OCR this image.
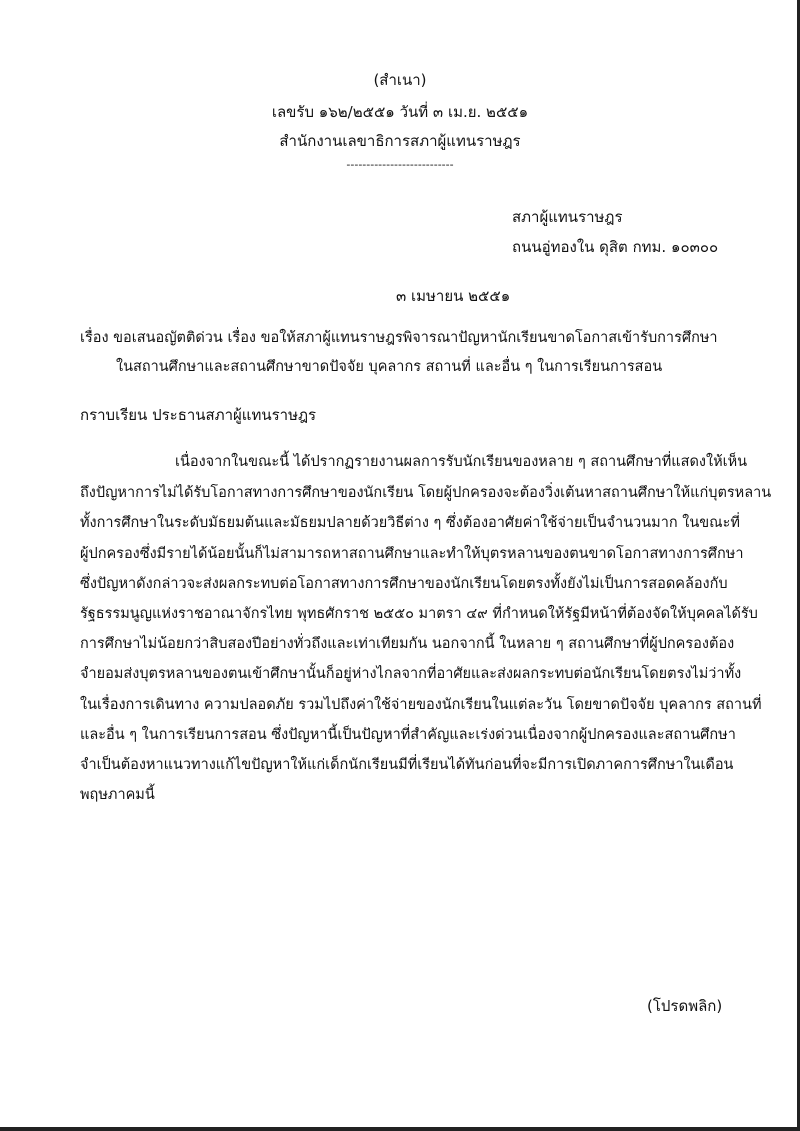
(สำเนา)
เลขรับ ๑๖๒/๒๕๕๑ วันที่ ๓ เม.ย. ๒๕๕๑
สำนักงานเลขาธิการสภาผู้แทนราษฎร
---------------------------
สภาผู้แทนราษฎร
ถนนอู่ทองใน ดุสิต กทม. ๑๐๓๐๐
๓ เมษายน ๒๕๕๑
เรื่อง ขอเสนอญัตติด่วน เรื่อง ขอให้สภาผู้แทนราษฎรพิจารณาปัญหานักเรียนขาดโอกาสเข้ารับการศึกษา
ในสถานศึกษาและสถานศึกษาขาดปัจจัย บุคลากร สถานที่ และอื่น ๆ ในการเรียนการสอน
กราบเรียน ประธานสภาผู้แทนราษฎร
เนื่องจากในขณะนี้ ได้ปรากฏรายงานผลการรับนักเรียนของหลาย ๆ สถานศึกษาที่แสดงให้เห็น
ถึงปัญหาการไม่ได้รับโอกาสทางการศึกษาของนักเรียน โดยผู้ปกครองจะต้องวิ่งเต้นหาสถานศึกษาให้แก่บุตรหลาน
ทั้งการศึกษาในระดับมัธยมต้นและมัธยมปลายด้วยวิธีต่าง ๆ ซึ่งต้องอาศัยค่าใช้จ่ายเป็นจำนวนมาก ในขณะที่
ผู้ปกครองซึ่งมีรายได้น้อยนั้นก็ไม่สามารถหาสถานศึกษาและทำให้บุตรหลานของตนขาดโอกาสทางการศึกษา
ซึ่งปัญหาดังกล่าวจะส่งผลกระทบต่อโอกาสทางการศึกษาของนักเรียนโดยตรงทั้งยังไม่เป็นการสอดคล้องกับ
รัฐธรรมนูญแห่งราชอาณาจักรไทย พุทธศักราช ๒๕๕๐ มาตรา ๔๙ ที่กำหนดให้รัฐมีหน้าที่ต้องจัดให้บุคคลได้รับ
การศึกษาไม่น้อยกว่าสิบสองปีอย่างทั่วถึงและเท่าเทียมกัน นอกจากนี้ ในหลาย ๆ สถานศึกษาที่ผู้ปกครองต้อง
จำยอมส่งบุตรหลานของตนเข้าศึกษานั้นก็อยู่ห่างไกลจากที่อาศัยและส่งผลกระทบต่อนักเรียนโดยตรงไม่ว่าทั้ง
ในเรื่องการเดินทาง ความปลอดภัย รวมไปถึงค่าใช้จ่ายของนักเรียนในแต่ละวัน โดยขาดปัจจัย บุคลากร สถานที่
และอื่น ๆ ในการเรียนการสอน ซึ่งปัญหานี้เป็นปัญหาที่สำคัญและเร่งด่วนเนื่องจากผู้ปกครองและสถานศึกษา
จำเป็นต้องหาแนวทางแก้ไขปัญหาให้แก่เด็กนักเรียนมีที่เรียนได้ทันก่อนที่จะมีการเปิดภาคการศึกษาในเดือน
พฤษภาคมนี้
(โปรดพลิก)
